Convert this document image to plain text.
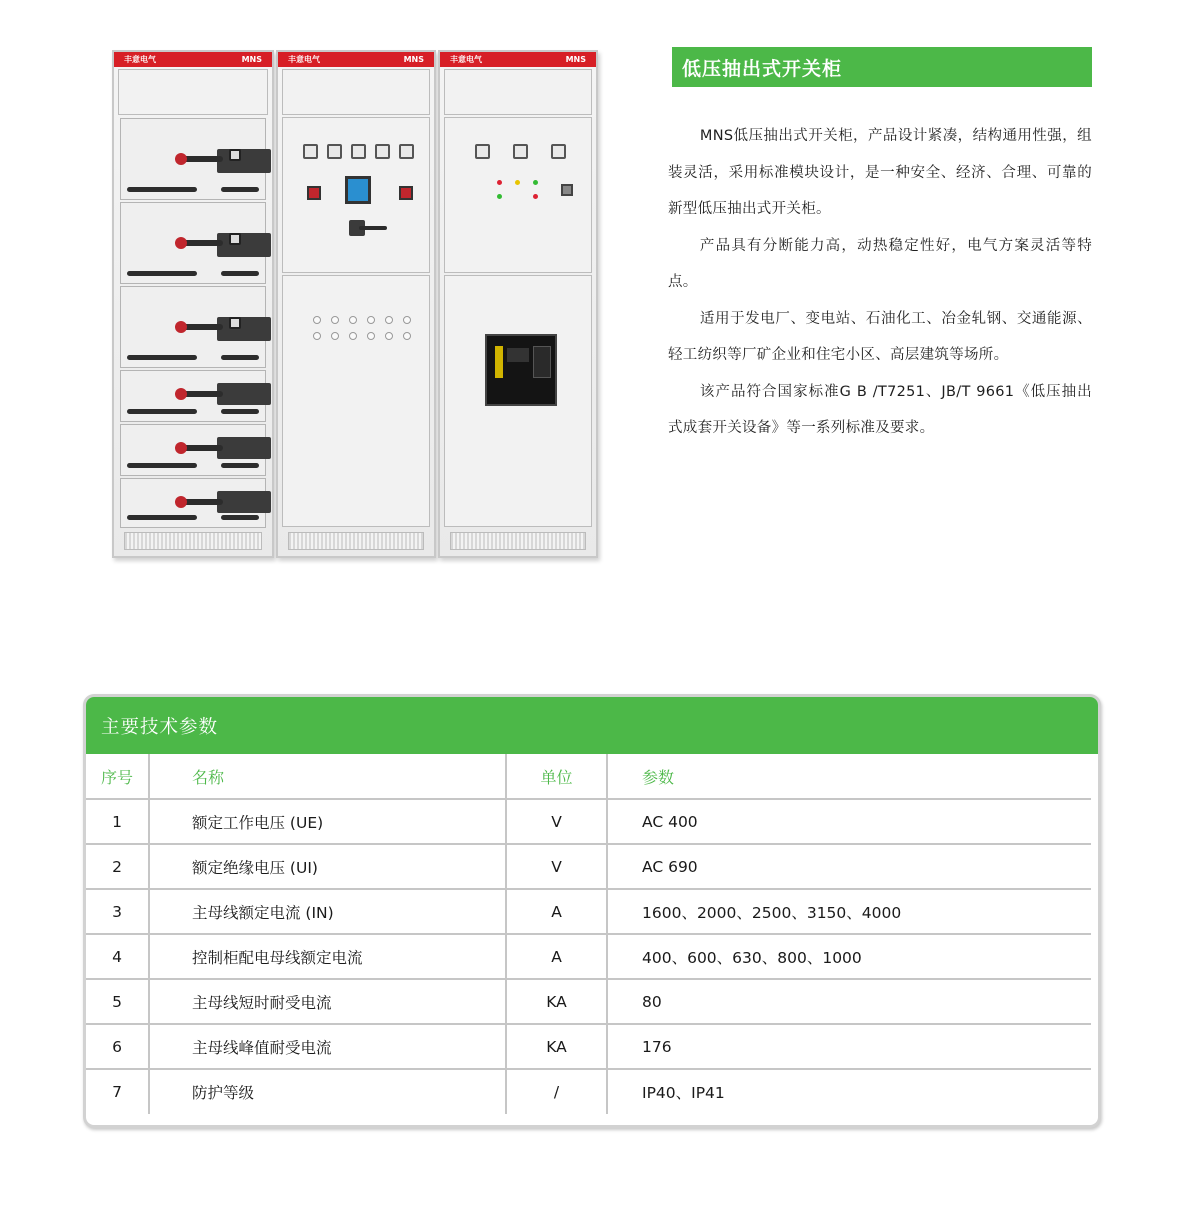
丰意电气	MNS	丰意电气	MNS	丰意电气	MNS	低压抽出式开关柜

MNS低压抽出式开关柜，产品设计紧凑，结构通用性强，组装灵活，采用标准模块设计，是一种安全、经济、合理、可靠的新型低压抽出式开关柜。

产品具有分断能力高，动热稳定性好，电气方案灵活等特点。

适用于发电厂、变电站、石油化工、冶金轧钢、交通能源、轻工纺织等厂矿企业和住宅小区、高层建筑等场所。

该产品符合国家标准G B /T7251、JB/T 9661《低压抽出式成套开关设备》等一系列标准及要求。

主要技术参数
序号	名称	单位	参数
1	额定工作电压 (UE)	V	AC 400
2	额定绝缘电压 (UI)	V	AC 690
3	主母线额定电流 (IN)	A	1600、2000、2500、3150、4000
4	控制柜配电母线额定电流	A	400、600、630、800、1000
5	主母线短时耐受电流	KA	80
6	主母线峰值耐受电流	KA	176
7	防护等级	/	IP40、IP41
